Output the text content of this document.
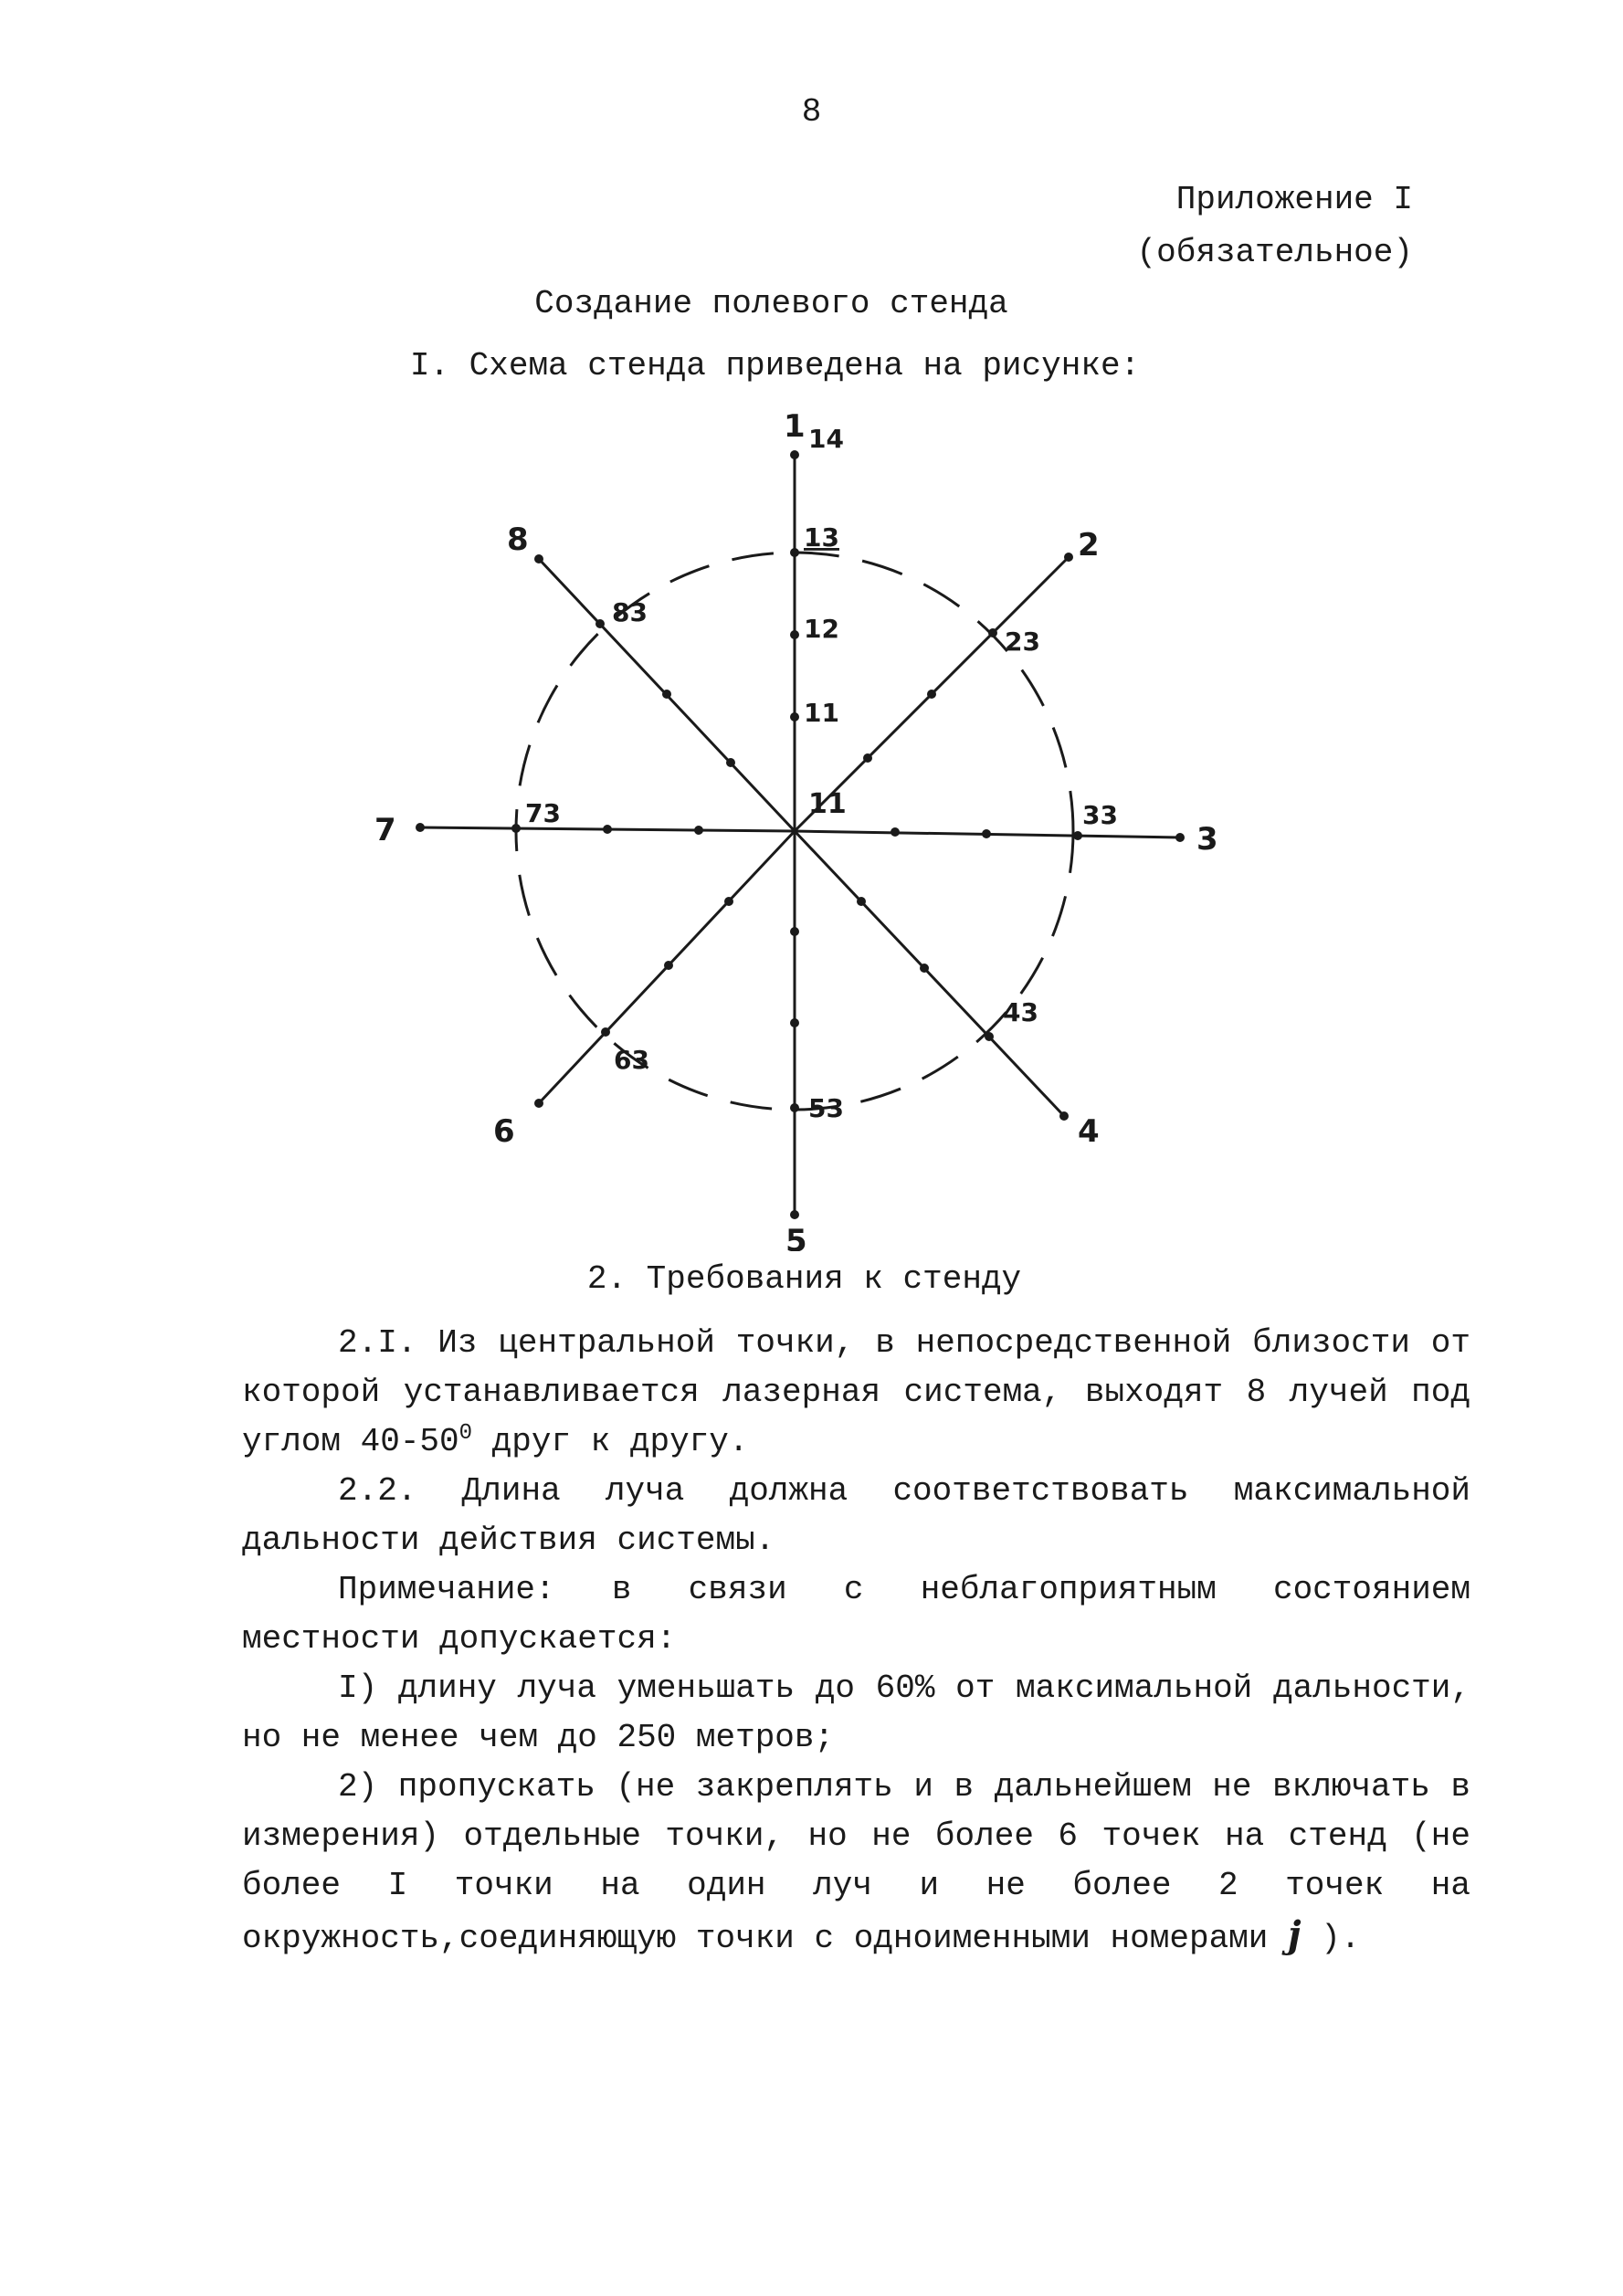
8
Приложение I
(обязательное)
Создание полевого стенда
I. Схема стенда приведена на рисунке:
1
2
3
4
5
6
7
8
14
13
12
11
11
23
33
43
53
63
73
83
2. Требования к стенду

2.I. Из центральной точки, в непосредственной близости от которой устанавливается лазерная система, выходят 8 лучей под углом $40-50^0$ друг к другу.

2.2. Длина луча должна соответствовать максимальной дальности действия системы.

Примечание: в связи с неблагоприятным состоянием местности допускается:

I) длину луча уменьшать до 60% от максимальной дальности, но не менее чем до 250 метров;

2) пропускать (не закреплять и в дальнейшем не включать в измерения) отдельные точки, но не более 6 точек на стенд (не более I точки на один луч и не более 2 точек на окружность,соединяющую точки с одноименными номерами j ).
